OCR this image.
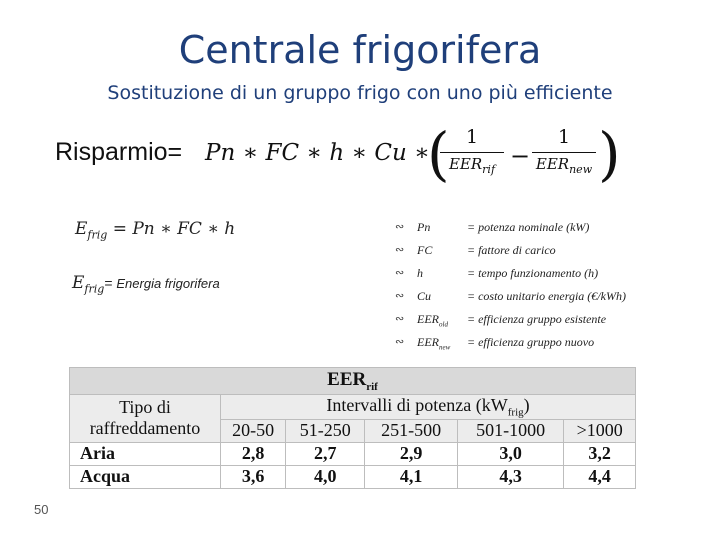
Centrale frigorifera
Sostituzione di un gruppo frigo con uno più efficiente
Risparmio= Pn ∗ FC ∗ h ∗ Cu ∗
( 1
$EER_{rif}$ −
1
$EER_{new}$ )
$E_{frig} = Pn$ ∗ FC ∗ h
$E_{frig}=$ Energia frigorifera
∾ Pn	= potenza nominale (kW)
∾ FC	= fattore di carico
∾ h	= tempo funzionamento (h)
∾ Cu	= costo unitario energia (€/kWh)
∾ $EER_{old}$ = efficienza gruppo esistente
∾ $EER_{new}$ = efficienza gruppo nuovo
$EER_{rif}$
Tipo di
raffreddamento	Intervalli di potenza $(kW_{frig})$				
	20-50	51-250	251-500	501-1000	>1000
Aria	2,8	2,7	2,9	3,0	3,2
Acqua	3,6	4,0	4,1	4,3	4,4
50
